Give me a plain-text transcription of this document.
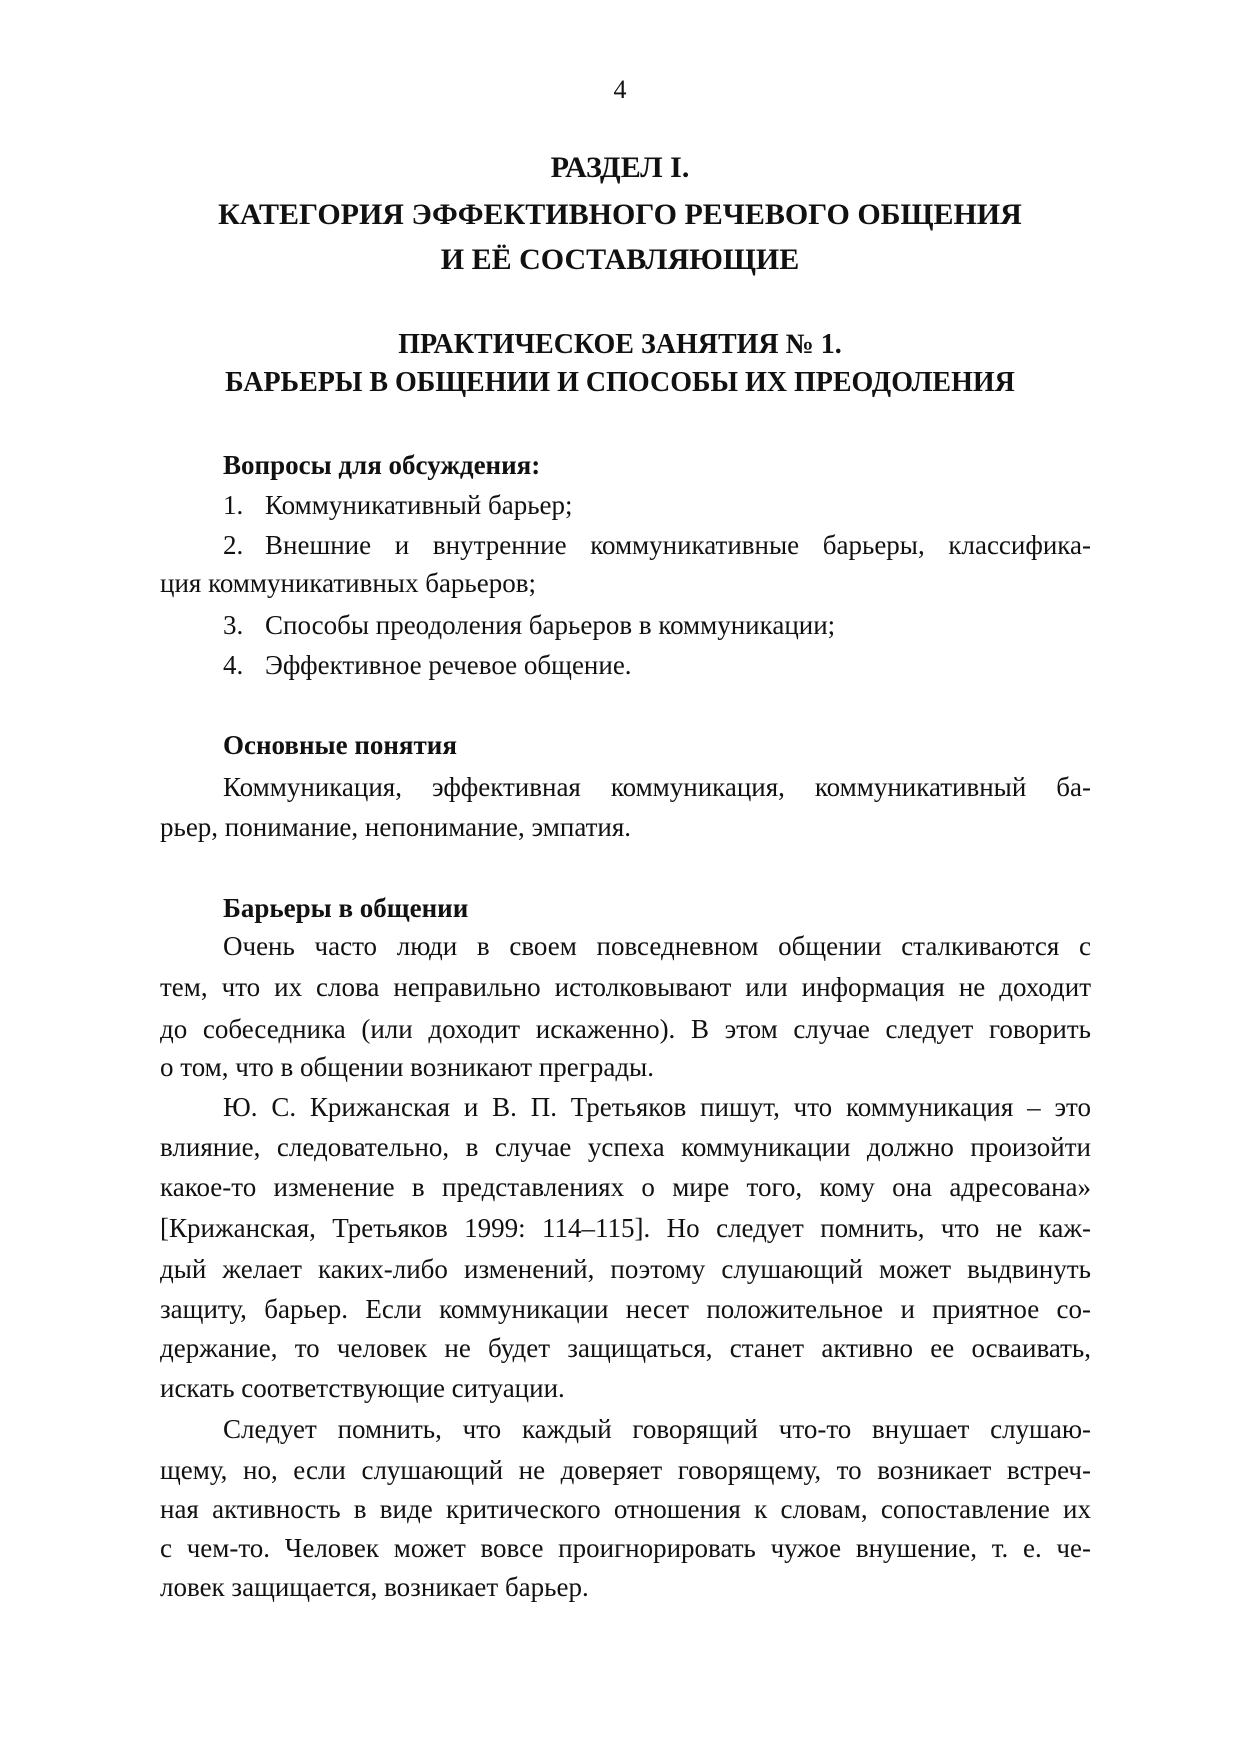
4
РАЗДЕЛ I.
КАТЕГОРИЯ ЭФФЕКТИВНОГО РЕЧЕВОГО ОБЩЕНИЯ
И ЕЁ СОСТАВЛЯЮЩИЕ
ПРАКТИЧЕСКОЕ ЗАНЯТИЯ № 1.
БАРЬЕРЫ В ОБЩЕНИИ И СПОСОБЫ ИХ ПРЕОДОЛЕНИЯ
Вопросы для обсуждения:
1. Коммуникативный барьер;
2. Внешние и внутренние коммуникативные барьеры, классифика-
ция коммуникативных барьеров;
3. Способы преодоления барьеров в коммуникации;
4. Эффективное речевое общение.
Основные понятия
Коммуникация, эффективная коммуникация, коммуникативный ба-
рьер, понимание, непонимание, эмпатия.
Барьеры в общении
Очень часто люди в своем повседневном общении сталкиваются с
тем, что их слова неправильно истолковывают или информация не доходит
до собеседника (или доходит искаженно). В этом случае следует говорить
о том, что в общении возникают преграды.
Ю. С. Крижанская и В. П. Третьяков пишут, что коммуникация – это
влияние, следовательно, в случае успеха коммуникации должно произойти
какое-то изменение в представлениях о мире того, кому она адресована»
[Крижанская, Третьяков 1999: 114–115]. Но следует помнить, что не каж-
дый желает каких-либо изменений, поэтому слушающий может выдвинуть
защиту, барьер. Если коммуникации несет положительное и приятное со-
держание, то человек не будет защищаться, станет активно ее осваивать,
искать соответствующие ситуации.
Следует помнить, что каждый говорящий что-то внушает слушаю-
щему, но, если слушающий не доверяет говорящему, то возникает встреч-
ная активность в виде критического отношения к словам, сопоставление их
с чем-то. Человек может вовсе проигнорировать чужое внушение, т. е. че-
ловек защищается, возникает барьер.
